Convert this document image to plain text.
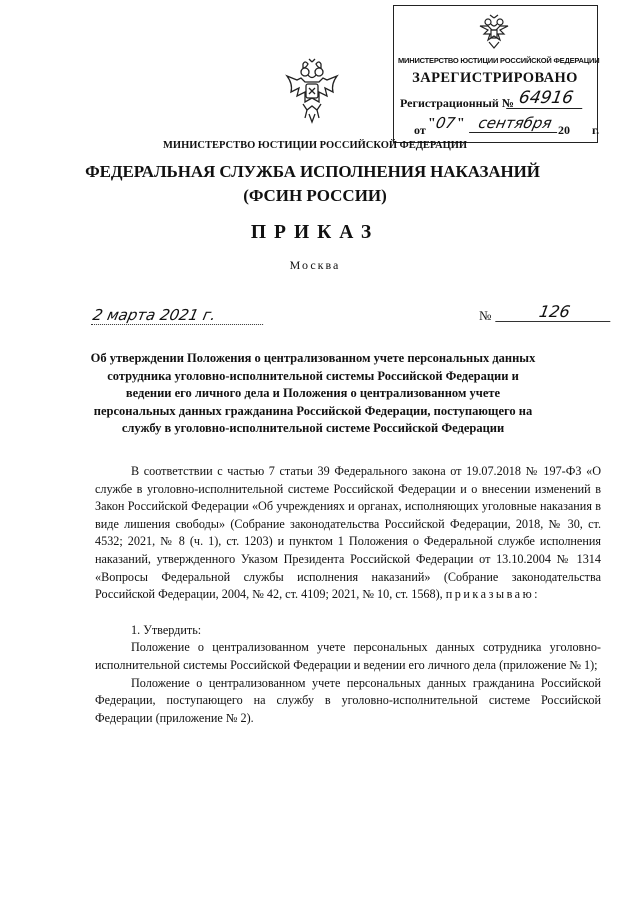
МИНИСТЕРСТВО ЮСТИЦИИ РОССИЙСКОЙ ФЕДЕРАЦИИ
ЗАРЕГИСТРИРОВАНО
Регистрационный № 64916
от "
07 " сентября 20 г.
МИНИСТЕРСТВО ЮСТИЦИИ РОССИЙСКОЙ ФЕДЕРАЦИИ
ФЕДЕРАЛЬНАЯ СЛУЖБА ИСПОЛНЕНИЯ НАКАЗАНИЙ
(ФСИН РОССИИ)
ПРИКАЗ
Москва
2 марта 2021 г.	№	126
Об утверждении Положения о централизованном учете персональных данных сотрудника уголовно-исполнительной системы Российской Федерации и ведении его личного дела и Положения о централизованном учете персональных данных гражданина Российской Федерации, поступающего на службу в уголовно-исполнительной системе Российской Федерации

В соответствии с частью 7 статьи 39 Федерального закона от 19.07.2018 № 197-ФЗ «О службе в уголовно-исполнительной системе Российской Федерации и о внесении изменений в Закон Российской Федерации «Об учреждениях и органах, исполняющих уголовные наказания в виде лишения свободы» (Собрание законодательства Российской Федерации, 2018, № 30, ст. 4532; 2021, № 8 (ч. 1), ст. 1203) и пунктом 1 Положения о Федеральной службе исполнения наказаний, утвержденного Указом Президента Российской Федерации от 13.10.2004 № 1314 «Вопросы Федеральной службы исполнения наказаний» (Собрание законодательства Российской Федерации, 2004, № 42, ст. 4109; 2021, № 10, ст. 1568), приказываю:

1. Утвердить:

Положение о централизованном учете персональных данных сотрудника уголовно-исполнительной системы Российской Федерации и ведении его личного дела (приложение № 1);

Положение о централизованном учете персональных данных гражданина Российской Федерации, поступающего на службу в уголовно-исполнительной системе Российской Федерации (приложение № 2).
